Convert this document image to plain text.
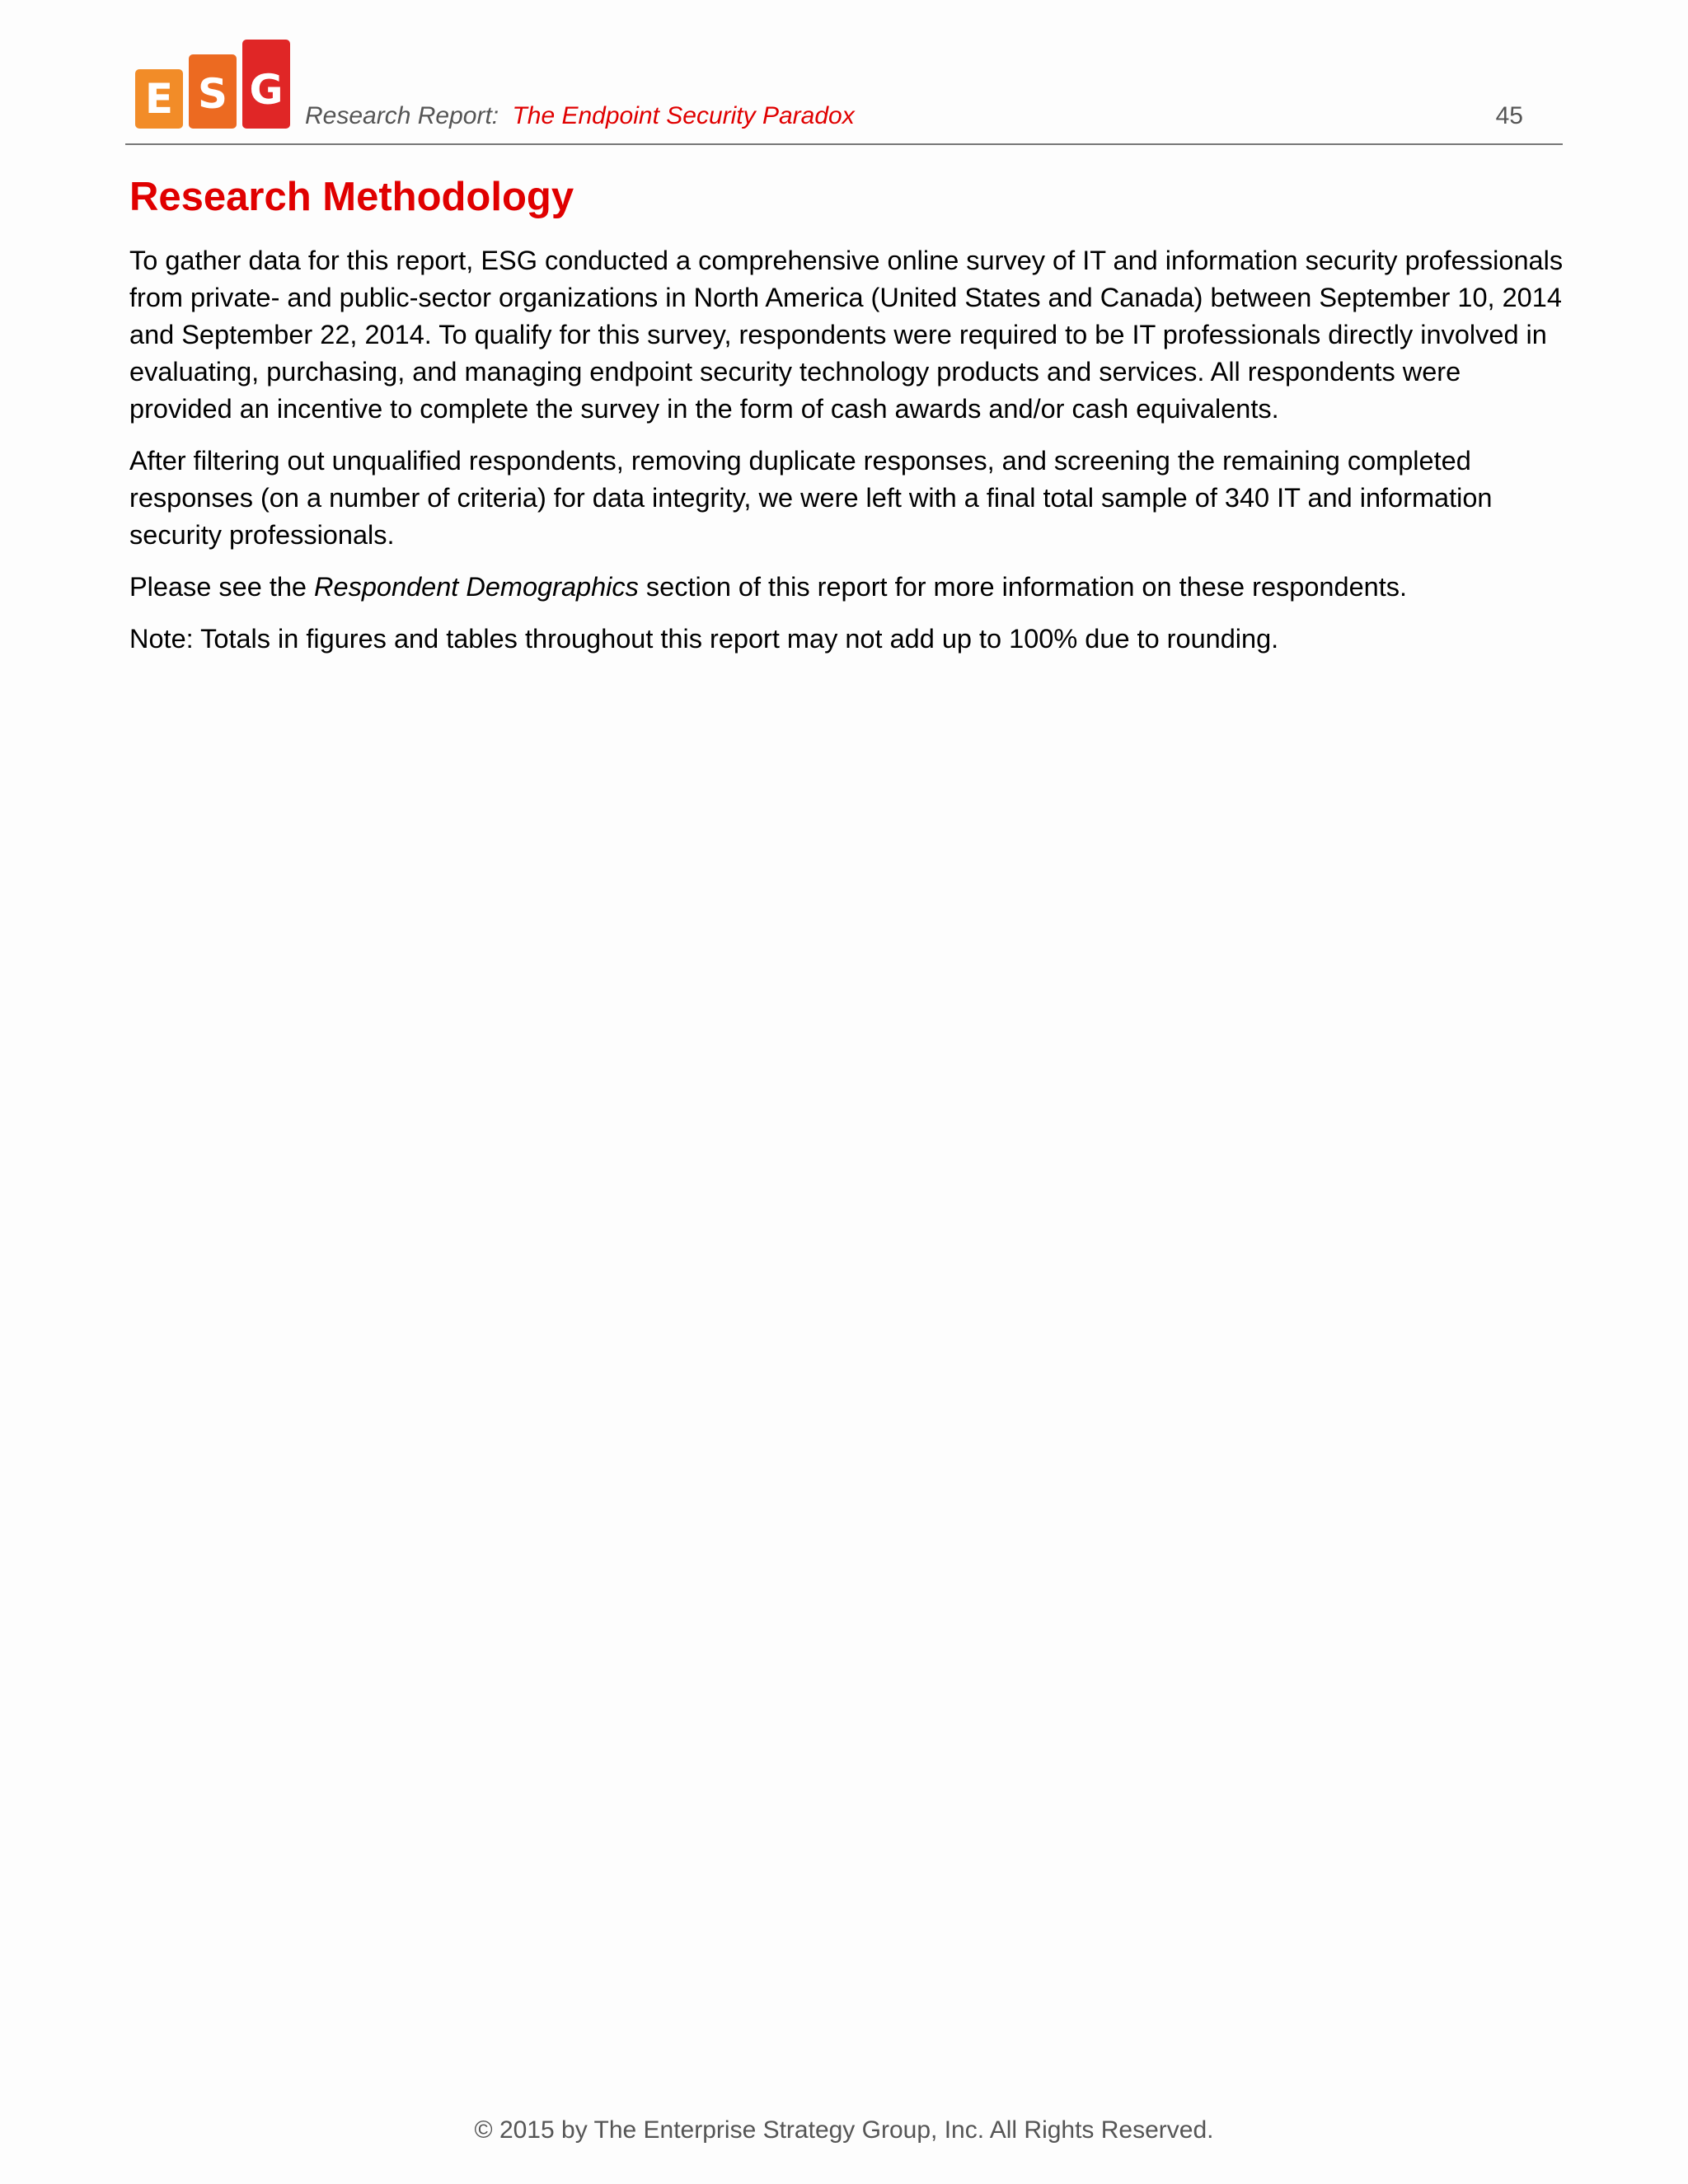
E S G
Research Report: The Endpoint Security Paradox	45
Research Methodology

To gather data for this report, ESG conducted a comprehensive online survey of IT and information security professionals from private- and public-sector organizations in North America (United States and Canada) between September 10, 2014 and September 22, 2014. To qualify for this survey, respondents were required to be IT professionals directly involved in evaluating, purchasing, and managing endpoint security technology products and services. All respondents were provided an incentive to complete the survey in the form of cash awards and/or cash equivalents.

After filtering out unqualified respondents, removing duplicate responses, and screening the remaining completed responses (on a number of criteria) for data integrity, we were left with a final total sample of 340 IT and information security professionals.

Please see the Respondent Demographics section of this report for more information on these respondents.

Note: Totals in figures and tables throughout this report may not add up to 100% due to rounding.

© 2015 by The Enterprise Strategy Group, Inc. All Rights Reserved.
